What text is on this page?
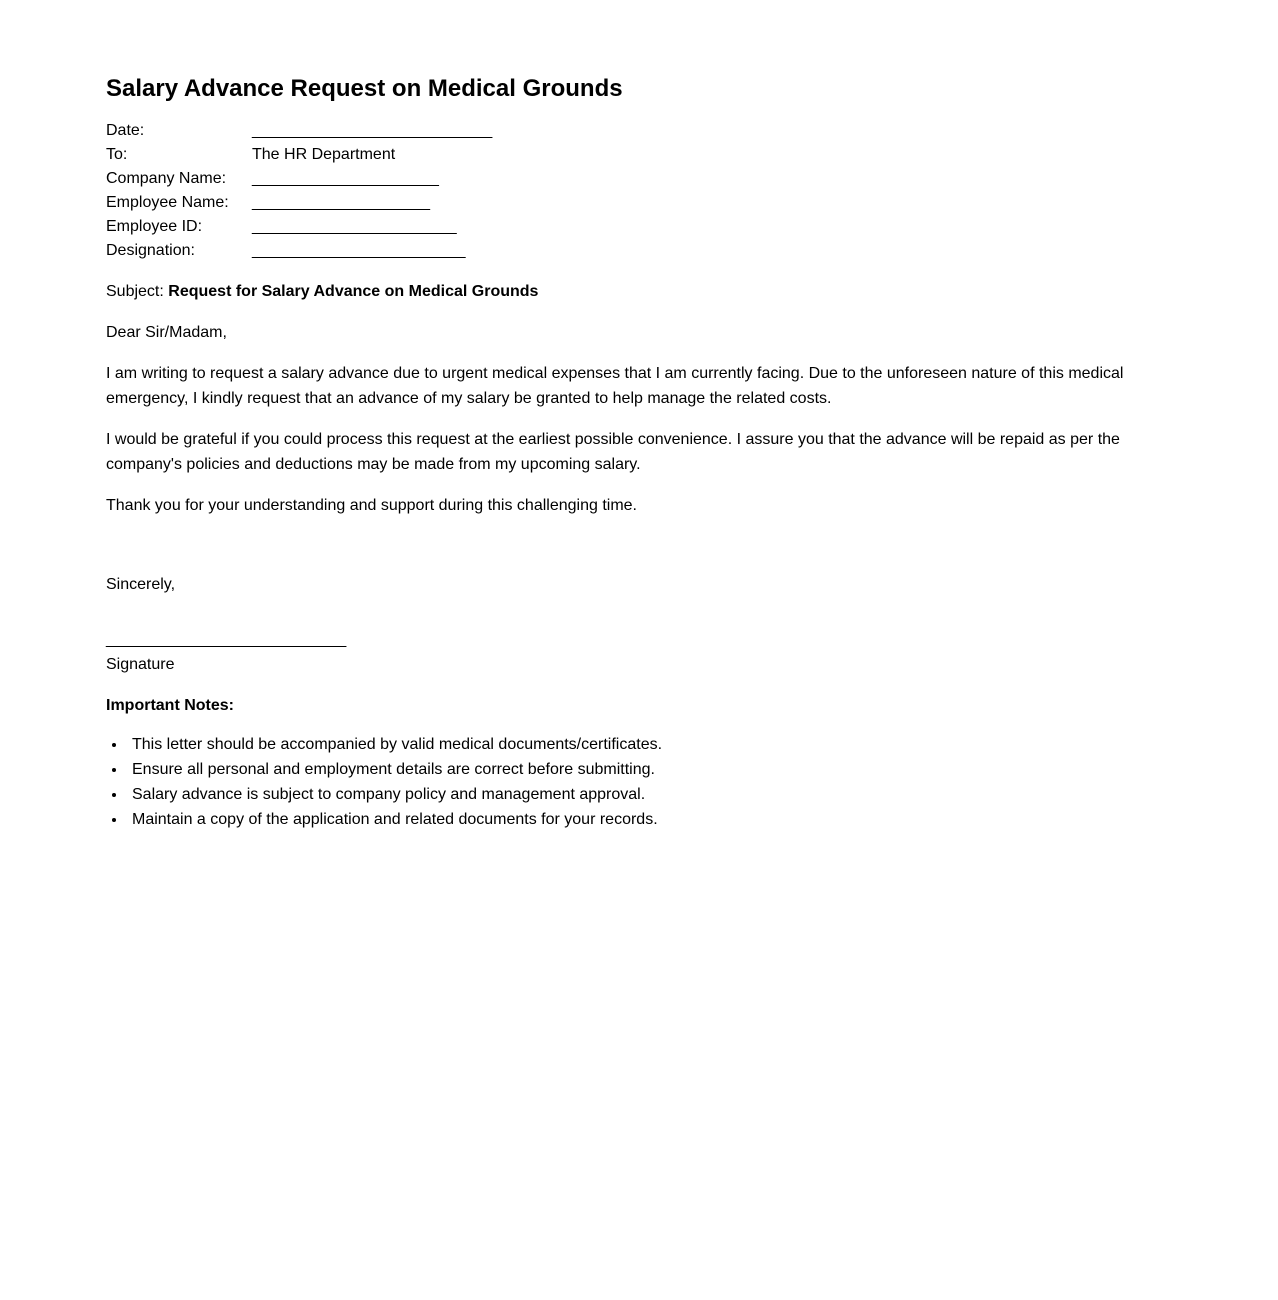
Salary Advance Request on Medical Grounds
Date:	___________________________
To:	The HR Department
Company Name:	_____________________
Employee Name:	____________________
Employee ID:	_______________________
Designation:	________________________

Subject: Request for Salary Advance on Medical Grounds

Dear Sir/Madam,

I am writing to request a salary advance due to urgent medical expenses that I am currently facing. Due to the unforeseen nature of this medical emergency, I kindly request that an advance of my salary be granted to help manage the related costs.

I would be grateful if you could process this request at the earliest possible convenience. I assure you that the advance will be repaid as per the company's policies and deductions may be made from my upcoming salary.

Thank you for your understanding and support during this challenging time.

Sincerely,

___________________________
Signature

Important Notes:

• This letter should be accompanied by valid medical documents/certificates.
• Ensure all personal and employment details are correct before submitting.
• Salary advance is subject to company policy and management approval.
• Maintain a copy of the application and related documents for your records.
